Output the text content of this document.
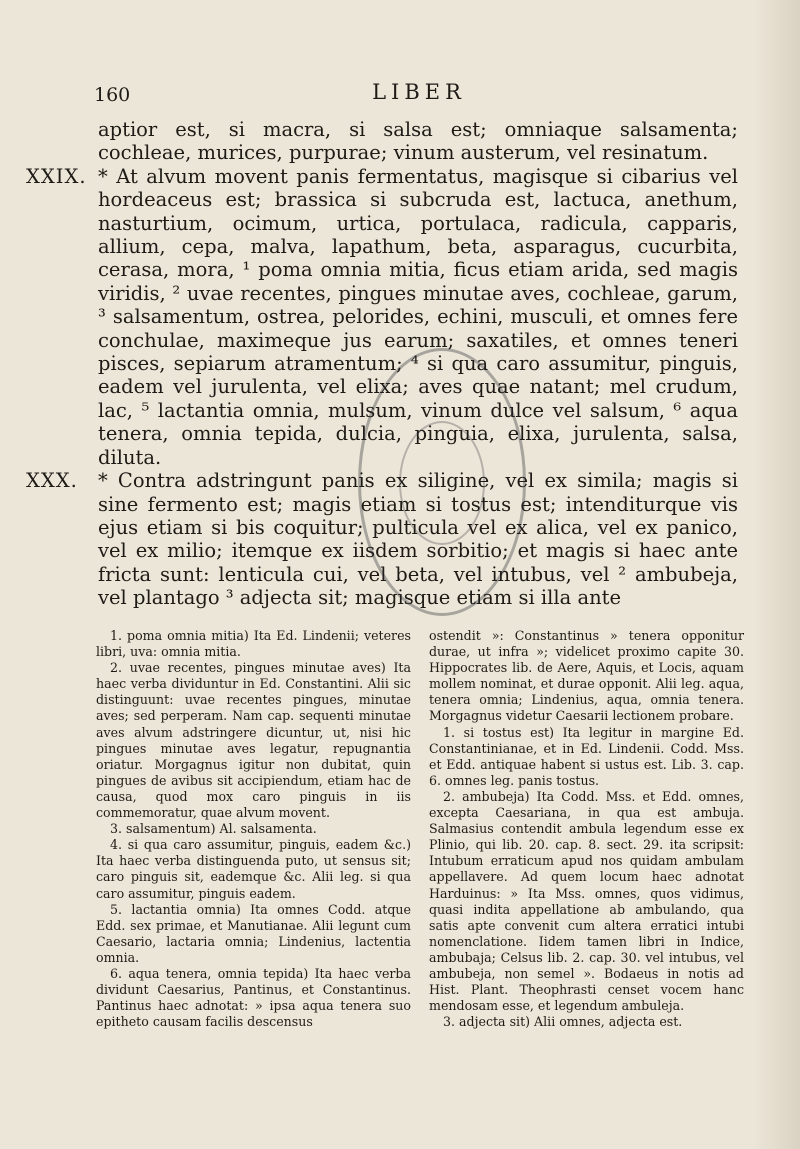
160	LIBER

aptior est, si macra, si salsa est; omniaque salsamenta; cochleae, murices, purpurae; vinum austerum, vel resinatum.

XXIX. * At alvum movent panis fermentatus, magisque si cibarius vel hordeaceus est; brassica si subcruda est, lactuca, anethum, nasturtium, ocimum, urtica, portulaca, radicula, capparis, allium, cepa, malva, lapathum, beta, asparagus, cucurbita, cerasa, mora, ¹ poma omnia mitia, ficus etiam arida, sed magis viridis, ² uvae recentes, pingues minutae aves, cochleae, garum, ³ salsamentum, ostrea, pelorides, echini, musculi, et omnes fere conchulae, maximeque jus earum; saxatiles, et omnes teneri pisces, sepiarum atramentum; ⁴ si qua caro assumitur, pinguis, eadem vel jurulenta, vel elixa; aves quae natant; mel crudum, lac, ⁵ lactantia omnia, mulsum, vinum dulce vel salsum, ⁶ aqua tenera, omnia tepida, dulcia, pinguia, elixa, jurulenta, salsa, diluta.

XXX. * Contra adstringunt panis ex siligine, vel ex simila; magis si sine fermento est; magis etiam si tostus est; intenditurque vis ejus etiam si bis coquitur; pulticula vel ex alica, vel ex panico, vel ex milio; itemque ex iisdem sorbitio; et magis si haec ante fricta sunt: lenticula cui, vel beta, vel intubus, vel ² ambubeja, vel plantago ³ adjecta sit; magisque etiam si illa ante

1. poma omnia mitia) Ita Ed. Lindenii; veteres libri, uva: omnia mitia.

2. uvae recentes, pingues minutae aves) Ita haec verba dividuntur in Ed. Constantini. Alii sic distinguunt: uvae recentes pingues, minutae aves; sed perperam. Nam cap. sequenti minutae aves alvum adstringere dicuntur, ut, nisi hic pingues minutae aves legatur, repugnantia oriatur. Morgagnus igitur non dubitat, quin pingues de avibus sit accipiendum, etiam hac de causa, quod mox caro pinguis in iis commemoratur, quae alvum movent.

3. salsamentum) Al. salsamenta.

4. si qua caro assumitur, pinguis, eadem &c.) Ita haec verba distinguenda puto, ut sensus sit; caro pinguis sit, eademque &c. Alii leg. si qua caro assumitur, pinguis eadem.

5. lactantia omnia) Ita omnes Codd. atque Edd. sex primae, et Manutianae. Alii legunt cum Caesario, lactaria omnia; Lindenius, lactentia omnia.

6. aqua tenera, omnia tepida) Ita haec verba dividunt Caesarius, Pantinus, et Constantinus. Pantinus haec adnotat: » ipsa aqua tenera suo epitheto causam facilis descensus

ostendit »: Constantinus » tenera opponitur durae, ut infra »; videlicet proximo capite 30. Hippocrates lib. de Aere, Aquis, et Locis, aquam mollem nominat, et durae opponit. Alii leg. aqua, tenera omnia; Lindenius, aqua, omnia tenera. Morgagnus videtur Caesarii lectionem probare.

1. si tostus est) Ita legitur in margine Ed. Constantinianae, et in Ed. Lindenii. Codd. Mss. et Edd. antiquae habent si ustus est. Lib. 3. cap. 6. omnes leg. panis tostus.

2. ambubeja) Ita Codd. Mss. et Edd. omnes, excepta Caesariana, in qua est ambuja. Salmasius contendit ambula legendum esse ex Plinio, qui lib. 20. cap. 8. sect. 29. ita scripsit: Intubum erraticum apud nos quidam ambulam appellavere. Ad quem locum haec adnotat Harduinus: » Ita Mss. omnes, quos vidimus, quasi indita appellatione ab ambulando, qua satis apte convenit cum altera erratici intubi nomenclatione. Iidem tamen libri in Indice, ambubaja; Celsus lib. 2. cap. 30. vel intubus, vel ambubeja, non semel ». Bodaeus in notis ad Hist. Plant. Theophrasti censet vocem hanc mendosam esse, et legendum ambuleja.

3. adjecta sit) Alii omnes, adjecta est.
